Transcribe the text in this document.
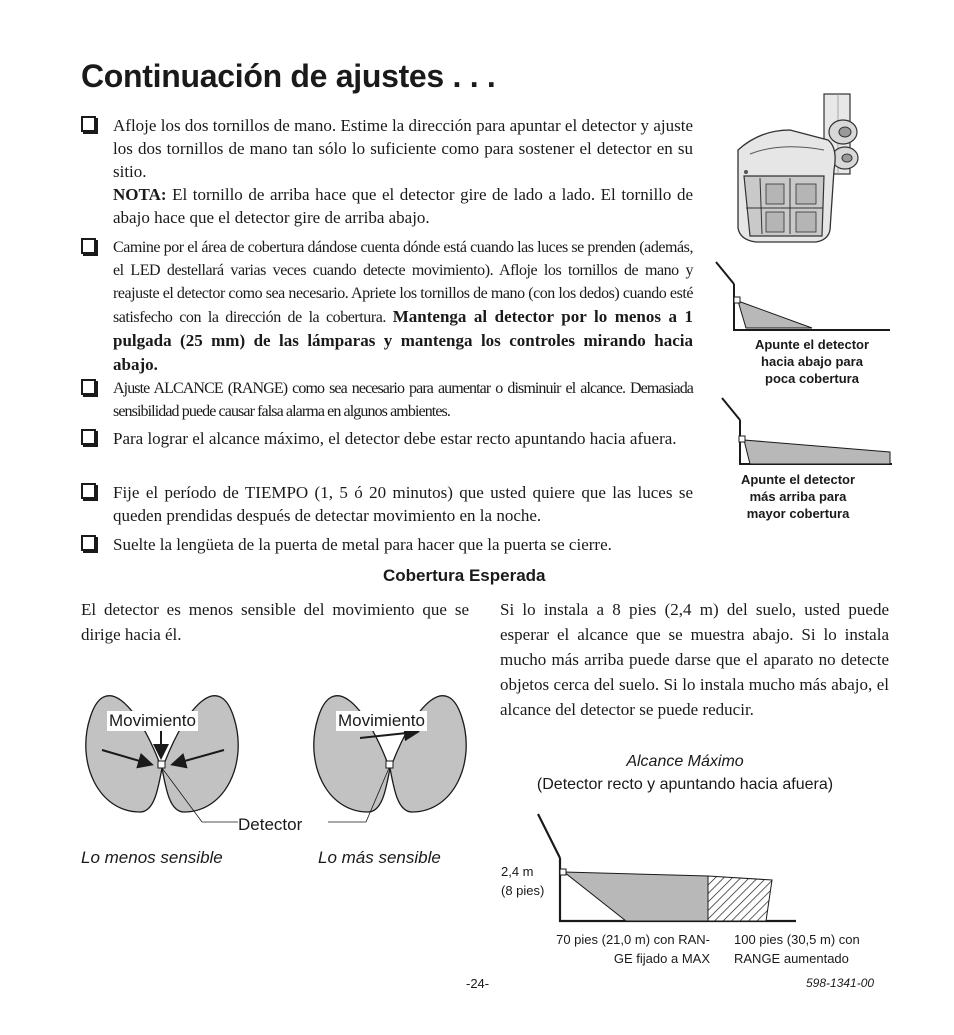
Continuación de ajustes . . .

Afloje los dos tornillos de mano. Estime la dirección para apuntar el detector y ajuste los dos tornillos de mano tan sólo lo suficiente como para sostener el detector en su sitio.

NOTA: El tornillo de arriba hace que el detector gire de lado a lado. El tornillo de abajo hace que el detector gire de arriba abajo.

Camine por el área de cobertura dándose cuenta dónde está cuando las luces se prenden (además, el LED destellará varias veces cuando detecte movimiento). Afloje los tornillos de mano y reajuste el detector como sea necesario. Apriete los tornillos de mano (con los dedos) cuando esté satisfecho con la dirección de la cobertura. Mantenga al detector por lo menos a 1 pulgada (25 mm) de las lámparas y mantenga los controles mirando hacia abajo.

Ajuste ALCANCE (RANGE) como sea necesario para aumentar o disminuir el alcance. Demasiada sensibilidad puede causar falsa alarma en algunos ambientes.

Para lograr el alcance máximo, el detector debe estar recto apuntando hacia afuera.

Fije el período de TIEMPO (1, 5 ó 20 minutos) que usted quiere que las luces se queden prendidas después de detectar movimiento en la noche.

Suelte la lengüeta de la puerta de metal para hacer que la puerta se cierre.

Apunte el detector
hacia abajo para
poca cobertura
Apunte el detector
más arriba para
mayor cobertura
Cobertura Esperada
El detector es menos sensible del movimiento que se dirige hacia él.
Si lo instala a 8 pies (2,4 m) del suelo, usted puede esperar el alcance que se muestra abajo. Si lo instala mucho más arriba puede darse que el aparato no detecte objetos cerca del suelo. Si lo instala mucho más abajo, el alcance del detector se puede reducir.
Movimiento	Movimiento
Detector
Lo menos sensible	Lo más sensible
Alcance Máximo
(Detector recto y apuntando hacia afuera)
2,4 m
(8 pies)
70 pies (21,0 m) con RAN-
GE fijado a MAX
100 pies (30,5 m) con
RANGE aumentado
-24-	598-1341-00
